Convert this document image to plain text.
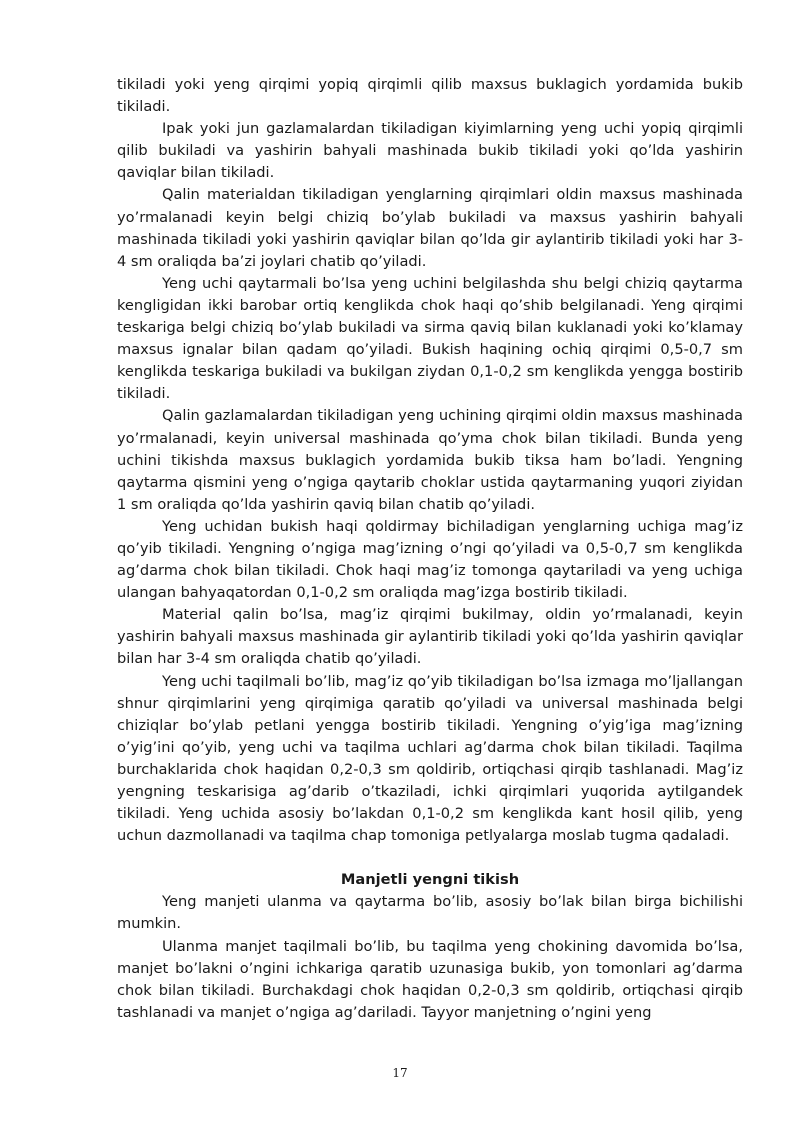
tikiladi yoki yeng qirqimi yopiq qirqimli qilib maxsus buklagich yordamida bukib tikiladi.

Ipak yoki jun gazlamalardan tikiladigan kiyimlarning yeng uchi yopiq qirqimli qilib bukiladi va yashirin bahyali mashinada bukib tikiladi yoki qo’lda yashirin qaviqlar bilan tikiladi.

Qalin materialdan tikiladigan yenglarning qirqimlari oldin maxsus mashinada yo’rmalanadi keyin belgi chiziq bo’ylab bukiladi va maxsus yashirin bahyali mashinada tikiladi yoki yashirin qaviqlar bilan qo’lda gir aylantirib tikiladi yoki har 3-4 sm oraliqda ba’zi joylari chatib qo’yiladi.

Yeng uchi qaytarmali bo’lsa yeng uchini belgilashda shu belgi chiziq qaytarma kengligidan ikki barobar ortiq kenglikda chok haqi qo’shib belgilanadi. Yeng qirqimi teskariga belgi chiziq bo’ylab bukiladi va sirma qaviq bilan kuklanadi yoki ko’klamay maxsus ignalar bilan qadam qo’yiladi. Bukish haqining ochiq qirqimi 0,5-0,7 sm kenglikda teskariga bukiladi va bukilgan ziydan 0,1-0,2 sm kenglikda yengga bostirib tikiladi.

Qalin gazlamalardan tikiladigan yeng uchining qirqimi oldin maxsus mashinada yo’rmalanadi, keyin universal mashinada qo’yma chok bilan tikiladi. Bunda yeng uchini tikishda maxsus buklagich yordamida bukib tiksa ham bo’ladi. Yengning qaytarma qismini yeng o’ngiga qaytarib choklar ustida qaytarmaning yuqori ziyidan 1 sm oraliqda qo’lda yashirin qaviq bilan chatib qo’yiladi.

Yeng uchidan bukish haqi qoldirmay bichiladigan yenglarning uchiga mag’iz qo’yib tikiladi. Yengning o’ngiga mag’izning o’ngi qo’yiladi va 0,5-0,7 sm kenglikda ag’darma chok bilan tikiladi. Chok haqi mag’iz tomonga qaytariladi va yeng uchiga ulangan bahyaqatordan 0,1-0,2 sm oraliqda mag’izga bostirib tikiladi.

Material qalin bo’lsa, mag’iz qirqimi bukilmay, oldin yo’rmalanadi, keyin yashirin bahyali maxsus mashinada gir aylantirib tikiladi yoki qo’lda yashirin qaviqlar bilan har 3-4 sm oraliqda chatib qo’yiladi.

Yeng uchi taqilmali bo’lib, mag’iz qo’yib tikiladigan bo’lsa izmaga mo’ljallangan shnur qirqimlarini yeng qirqimiga qaratib qo’yiladi va universal mashinada belgi chiziqlar bo’ylab petlani yengga bostirib tikiladi. Yengning o’yig’iga mag’izning o’yig’ini qo’yib, yeng uchi va taqilma uchlari ag’darma chok bilan tikiladi. Taqilma burchaklarida chok haqidan 0,2-0,3 sm qoldirib, ortiqchasi qirqib tashlanadi. Mag’iz yengning teskarisiga ag’darib o’tkaziladi, ichki qirqimlari yuqorida aytilgandek tikiladi. Yeng uchida asosiy bo’lakdan 0,1-0,2 sm kenglikda kant hosil qilib, yeng uchun dazmollanadi va taqilma chap tomoniga petlyalarga moslab tugma qadaladi.

Manjetli yengni tikish

Yeng manjeti ulanma va qaytarma bo’lib, asosiy bo’lak bilan birga bichilishi mumkin.

Ulanma manjet taqilmali bo’lib, bu taqilma yeng chokining davomida bo’lsa, manjet bo’lakni o’ngini ichkariga qaratib uzunasiga bukib, yon tomonlari ag’darma chok bilan tikiladi. Burchakdagi chok haqidan 0,2-0,3 sm qoldirib, ortiqchasi qirqib tashlanadi va manjet o’ngiga ag’dariladi. Tayyor manjetning o’ngini yeng

17
